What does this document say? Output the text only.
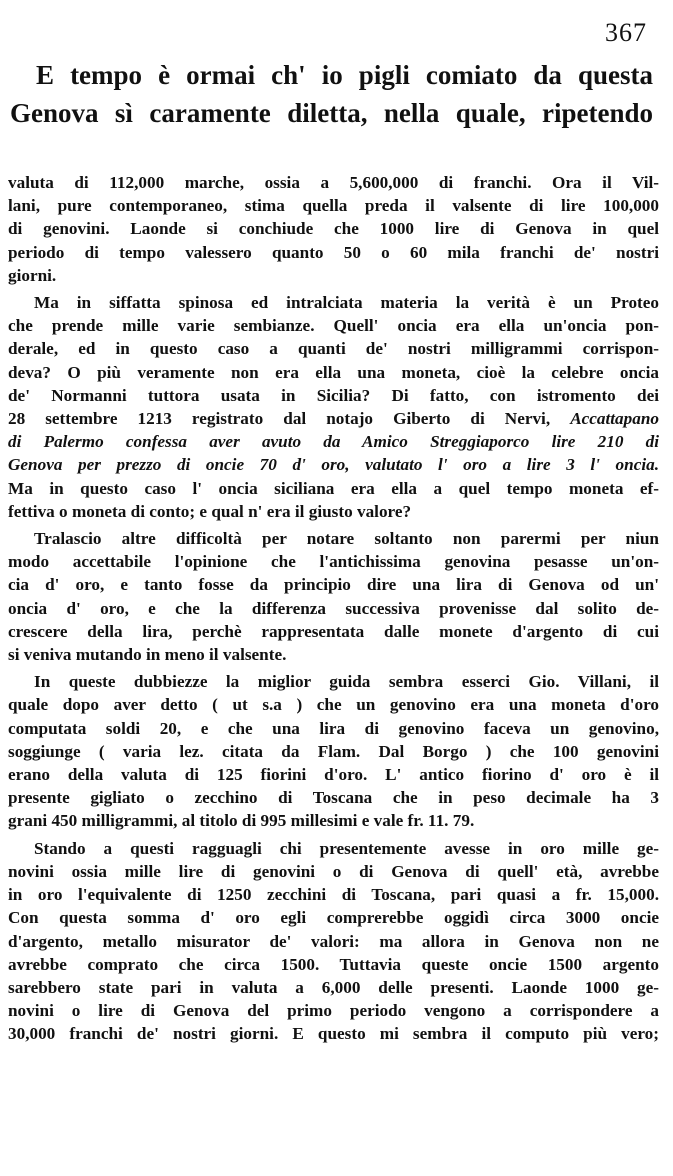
367
E tempo è ormai ch' io pigli comiato da questa
Genova sì caramente diletta, nella quale, ripetendo

valuta di 112,000 marche, ossia a 5,600,000 di franchi. Ora il Vil-
lani, pure contemporaneo, stima quella preda il valsente di lire 100,000
di genovini. Laonde si conchiude che 1000 lire di Genova in quel
periodo di tempo valessero quanto 50 o 60 mila franchi de' nostri
giorni.

Ma in siffatta spinosa ed intralciata materia la verità è un Proteo
che prende mille varie sembianze. Quell' oncia era ella un'oncia pon-
derale, ed in questo caso a quanti de' nostri milligrammi corrispon-
deva? O più veramente non era ella una moneta, cioè la celebre oncia
de' Normanni tuttora usata in Sicilia? Di fatto, con istromento dei
28 settembre 1213 registrato dal notajo Giberto di Nervi, Accattapano
di Palermo confessa aver avuto da Amico Streggiaporco lire 210 di
Genova per prezzo di oncie 70 d' oro, valutato l' oro a lire 3 l' oncia.
Ma in questo caso l' oncia siciliana era ella a quel tempo moneta ef-
fettiva o moneta di conto; e qual n' era il giusto valore?

Tralascio altre difficoltà per notare soltanto non parermi per niun
modo accettabile l'opinione che l'antichissima genovina pesasse un'on-
cia d' oro, e tanto fosse da principio dire una lira di Genova od un'
oncia d' oro, e che la differenza successiva provenisse dal solito de-
crescere della lira, perchè rappresentata dalle monete d'argento di cui
si veniva mutando in meno il valsente.

In queste dubbiezze la miglior guida sembra esserci Gio. Villani, il
quale dopo aver detto ( ut s.a ) che un genovino era una moneta d'oro
computata soldi 20, e che una lira di genovino faceva un genovino,
soggiunge ( varia lez. citata da Flam. Dal Borgo ) che 100 genovini
erano della valuta di 125 fiorini d'oro. L' antico fiorino d' oro è il
presente gigliato o zecchino di Toscana che in peso decimale ha 3
grani 450 milligrammi, al titolo di 995 millesimi e vale fr. 11. 79.

Stando a questi ragguagli chi presentemente avesse in oro mille ge-
novini ossia mille lire di genovini o di Genova di quell' età, avrebbe
in oro l'equivalente di 1250 zecchini di Toscana, pari quasi a fr. 15,000.
Con questa somma d' oro egli comprerebbe oggidì circa 3000 oncie
d'argento, metallo misurator de' valori: ma allora in Genova non ne
avrebbe comprato che circa 1500. Tuttavia queste oncie 1500 argento
sarebbero state pari in valuta a 6,000 delle presenti. Laonde 1000 ge-
novini o lire di Genova del primo periodo vengono a corrispondere a
30,000 franchi de' nostri giorni. E questo mi sembra il computo più vero;
